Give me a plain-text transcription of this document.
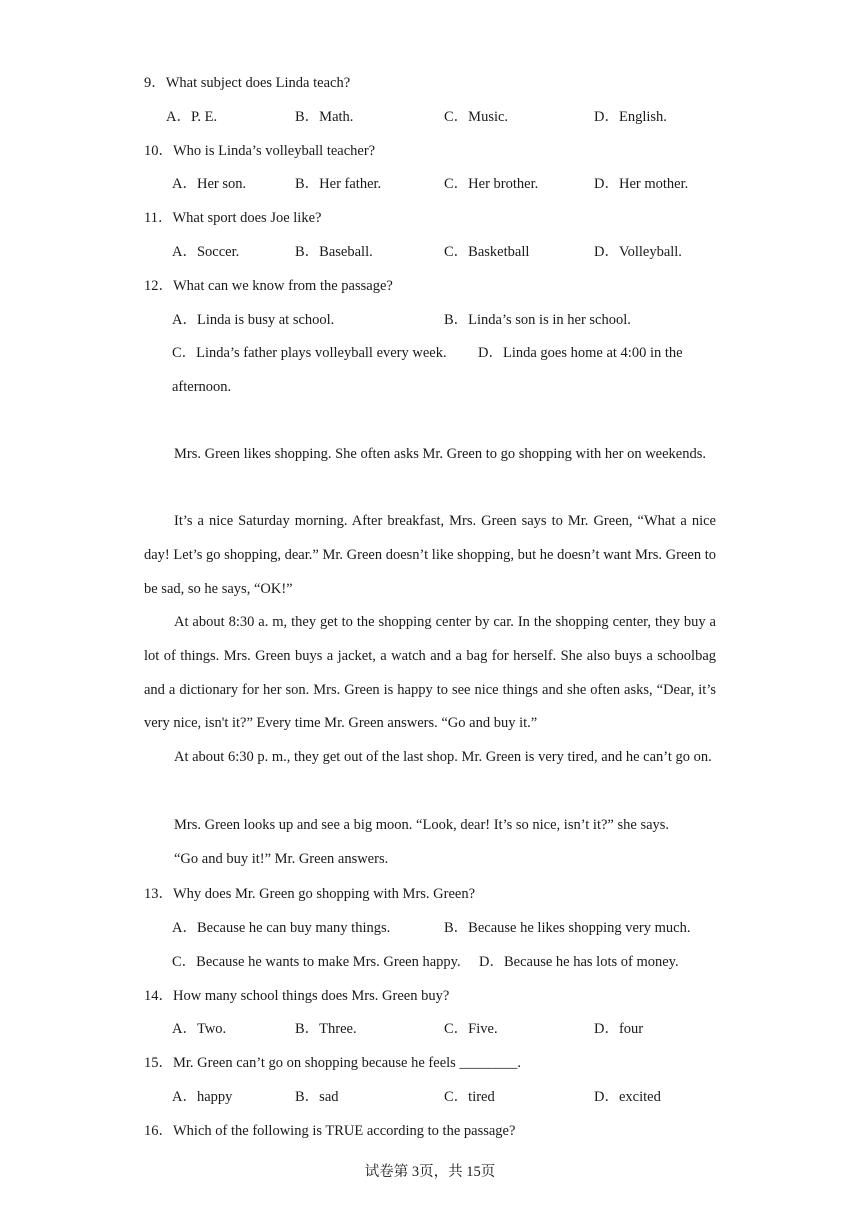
9．What subject does Linda teach?
A．P. E.	B．Math.	C．Music.	D．English.
10．Who is Linda’s volleyball teacher?
A．Her son.	B．Her father.	C．Her brother.	D．Her mother.
11．What sport does Joe like?
A．Soccer.	B．Baseball.	C．Basketball	D．Volleyball.
12．What can we know from the passage?
A．Linda is busy at school.	B．Linda’s son is in her school.
C．Linda’s father plays volleyball every week. D．Linda goes home at 4:00 in the
afternoon.

Mrs. Green likes shopping. She often asks Mr. Green to go shopping with her on weekends.

It’s a nice Saturday morning. After breakfast, Mrs. Green says to Mr. Green, “What a nice day! Let’s go shopping, dear.” Mr. Green doesn’t like shopping, but he doesn’t want Mrs. Green to be sad, so he says, “OK!”

At about 8:30 a. m, they get to the shopping center by car. In the shopping center, they buy a lot of things. Mrs. Green buys a jacket, a watch and a bag for herself. She also buys a schoolbag and a dictionary for her son. Mrs. Green is happy to see nice things and she often asks, “Dear, it’s very nice, isn't it?” Every time Mr. Green answers. “Go and buy it.”

At about 6:30 p. m., they get out of the last shop. Mr. Green is very tired, and he can’t go on.

Mrs. Green looks up and see a big moon. “Look, dear! It’s so nice, isn’t it?” she says.

“Go and buy it!” Mr. Green answers.

13．Why does Mr. Green go shopping with Mrs. Green?
A．Because he can buy many things.	B．Because he likes shopping very much.
C．Because he wants to make Mrs. Green happy. D．Because he has lots of money.
14．How many school things does Mrs. Green buy?
A．Two.	B．Three.	C．Five.	D．four
15．Mr. Green can’t go on shopping because he feels ________.
A．happy	B．sad	C．tired	D．excited
16．Which of the following is TRUE according to the passage?
试卷第 3页，共 15页
